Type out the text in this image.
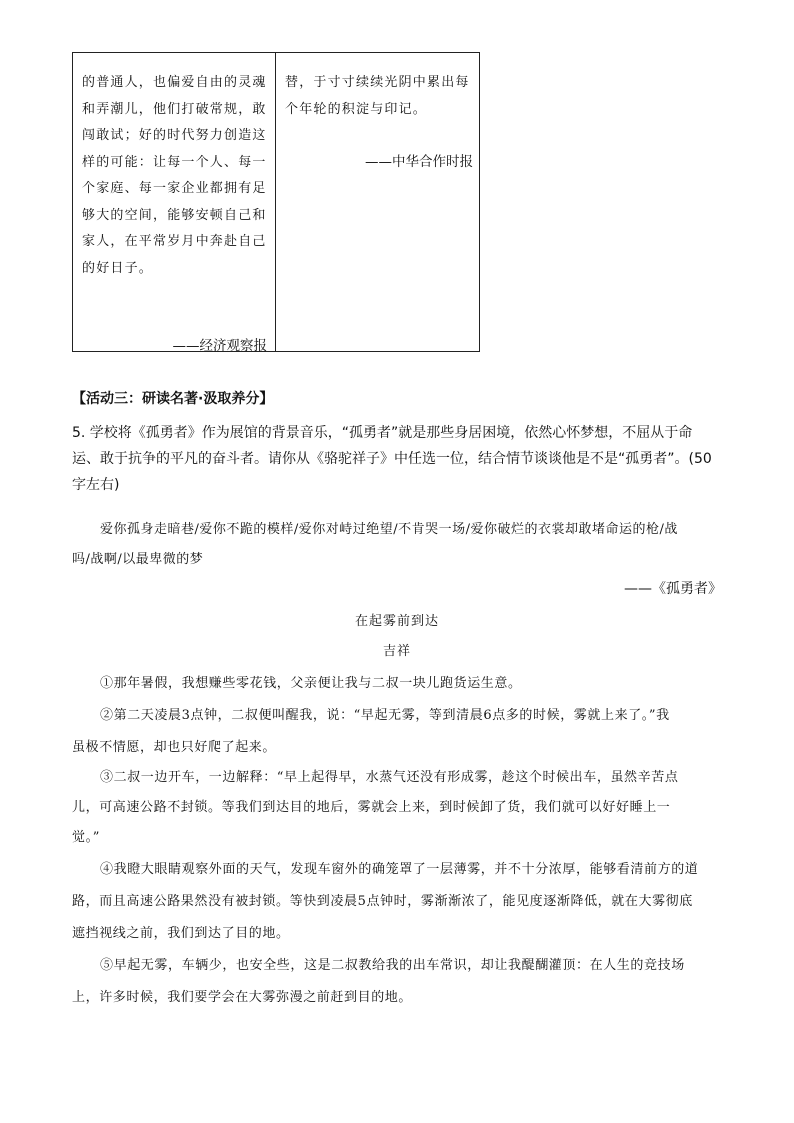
的普通人，也偏爱自由的灵魂
和弄潮儿，他们打破常规，敢
闯敢试；好的时代努力创造这
样的可能：让每一个人、每一
个家庭、每一家企业都拥有足
够大的空间，能够安顿自己和
家人，在平常岁月中奔赴自己
的好日子。
——经济观察报
替，于寸寸续续光阴中累出每
个年轮的积淀与印记。
——中华合作时报
【活动三：研读名著·汲取养分】
5. 学校将《孤勇者》作为展馆的背景音乐，“孤勇者”就是那些身居困境，依然心怀梦想，不屈从于命
运、敢于抗争的平凡的奋斗者。请你从《骆驼祥子》中任选一位，结合情节谈谈他是不是“孤勇者”。(50
字左右)
爱你孤身走暗巷/爱你不跪的模样/爱你对峙过绝望/不肯哭一场/爱你破烂的衣裳却敢堵命运的枪/战
吗/战啊/以最卑微的梦
——《孤勇者》
在起雾前到达
吉祥
①那年暑假，我想赚些零花钱，父亲便让我与二叔一块儿跑货运生意。
②第二天凌晨3点钟，二叔便叫醒我，说：“早起无雾，等到清晨6点多的时候，雾就上来了。”我
虽极不情愿，却也只好爬了起来。
③二叔一边开车，一边解释：“早上起得早，水蒸气还没有形成雾，趁这个时候出车，虽然辛苦点
儿，可高速公路不封锁。等我们到达目的地后，雾就会上来，到时候卸了货，我们就可以好好睡上一
觉。”
④我瞪大眼睛观察外面的天气，发现车窗外的确笼罩了一层薄雾，并不十分浓厚，能够看清前方的道
路，而且高速公路果然没有被封锁。等快到凌晨5点钟时，雾渐渐浓了，能见度逐渐降低，就在大雾彻底
遮挡视线之前，我们到达了目的地。
⑤早起无雾，车辆少，也安全些，这是二叔教给我的出车常识，却让我醍醐灌顶：在人生的竞技场
上，许多时候，我们要学会在大雾弥漫之前赶到目的地。
